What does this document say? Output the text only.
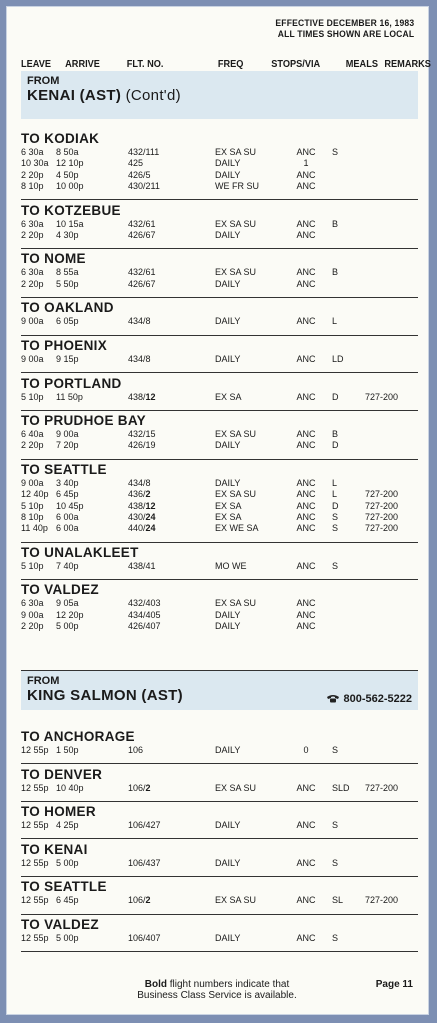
EFFECTIVE DECEMBER 16, 1983
ALL TIMES SHOWN ARE LOCAL
LEAVE ARRIVE	FLT. NO.	FREQ	STOPS/VIA	MEALS REMARKS
FROM
KENAI (AST) (Cont'd)
TO KODIAK
6 30a 8 50a	432/111	EX SA SU	ANC	S
10 30a 12 10p	425	DAILY	1
2 20p 4 50p	426/5	DAILY	ANC
8 10p 10 00p	430/211	WE FR SU	ANC
TO KOTZEBUE
6 30a 10 15a	432/61	EX SA SU	ANC	B
2 20p 4 30p	426/67	DAILY	ANC
TO NOME
6 30a 8 55a	432/61	EX SA SU	ANC	B
2 20p 5 50p	426/67	DAILY	ANC
TO OAKLAND
9 00a 6 05p	434/8	DAILY	ANC	L
TO PHOENIX
9 00a 9 15p	434/8	DAILY	ANC	LD
TO PORTLAND
5 10p 11 50p	438/12	EX SA	ANC	D	727-200
TO PRUDHOE BAY
6 40a 9 00a	432/15	EX SA SU	ANC	B
2 20p 7 20p	426/19	DAILY	ANC	D
TO SEATTLE
9 00a 3 40p	434/8	DAILY	ANC	L
12 40p 6 45p	436/2	EX SA SU	ANC	L	727-200
5 10p 10 45p	438/12	EX SA	ANC	D	727-200
8 10p 6 00a	430/24	EX SA	ANC	S	727-200
11 40p 6 00a	440/24	EX WE SA	ANC	S	727-200
TO UNALAKLEET
5 10p 7 40p	438/41	MO WE	ANC	S
TO VALDEZ
6 30a 9 05a	432/403	EX SA SU	ANC
9 00a 12 20p	434/405	DAILY	ANC
2 20p 5 00p	426/407	DAILY	ANC
FROM
KING SALMON (AST)	800-562-5222
TO ANCHORAGE
12 55p 1 50p	106	DAILY	0	S
TO DENVER
12 55p 10 40p	106/2	EX SA SU	ANC	SLD 727-200
TO HOMER
12 55p 4 25p	106/427	DAILY	ANC	S
TO KENAI
12 55p 5 00p	106/437	DAILY	ANC	S
TO SEATTLE
12 55p 6 45p	106/2	EX SA SU	ANC	SL 727-200
TO VALDEZ
12 55p 5 00p	106/407	DAILY	ANC	S
Bold flight numbers indicate that
Business Class Service is available.
Page 11
